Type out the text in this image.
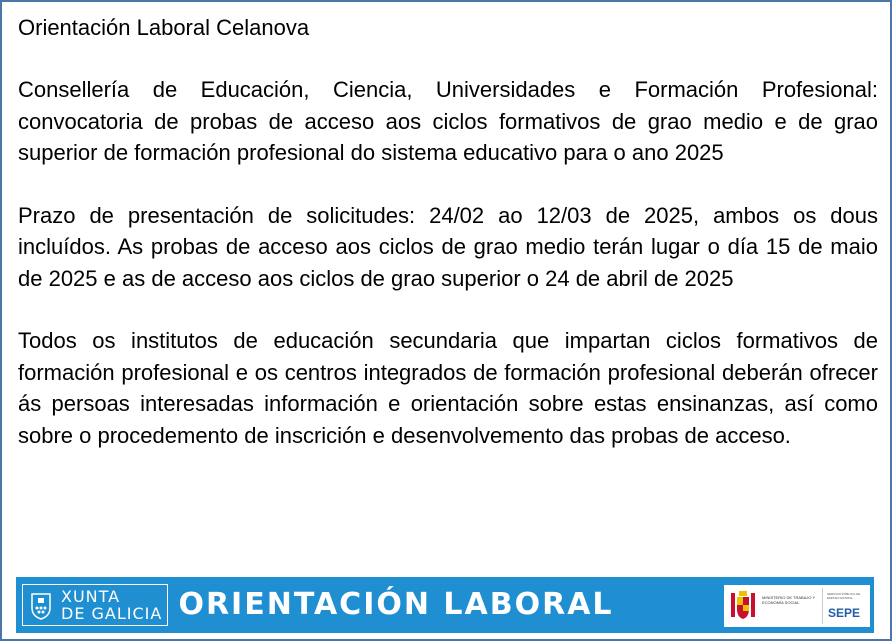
Orientación Laboral Celanova

Consellería de Educación, Ciencia, Universidades e Formación Profesional: convocatoria de probas de acceso aos ciclos formativos de grao medio e de grao superior de formación profesional do sistema educativo para o ano 2025

Prazo de presentación de solicitudes: 24/02 ao 12/03 de 2025, ambos os dous incluídos. As probas de acceso aos ciclos de grao medio terán lugar o día 15 de maio de 2025 e as de acceso aos ciclos de grao superior o 24 de abril de 2025

Todos os institutos de educación secundaria que impartan ciclos formativos de formación profesional e os centros integrados de formación profesional deberán ofrecer ás persoas interesadas información e orientación sobre estas ensinanzas, así como sobre o procedemento de inscrición e desenvolvemento das probas de acceso.

XUNTA
DE GALICIA ORIENTACIÓN LABORAL	MINISTERIO DE TRABAJO Y ECONOMÍA SOCIAL
SERVICIO PÚBLICO DE EMPLEO ESTATAL
SEPE
